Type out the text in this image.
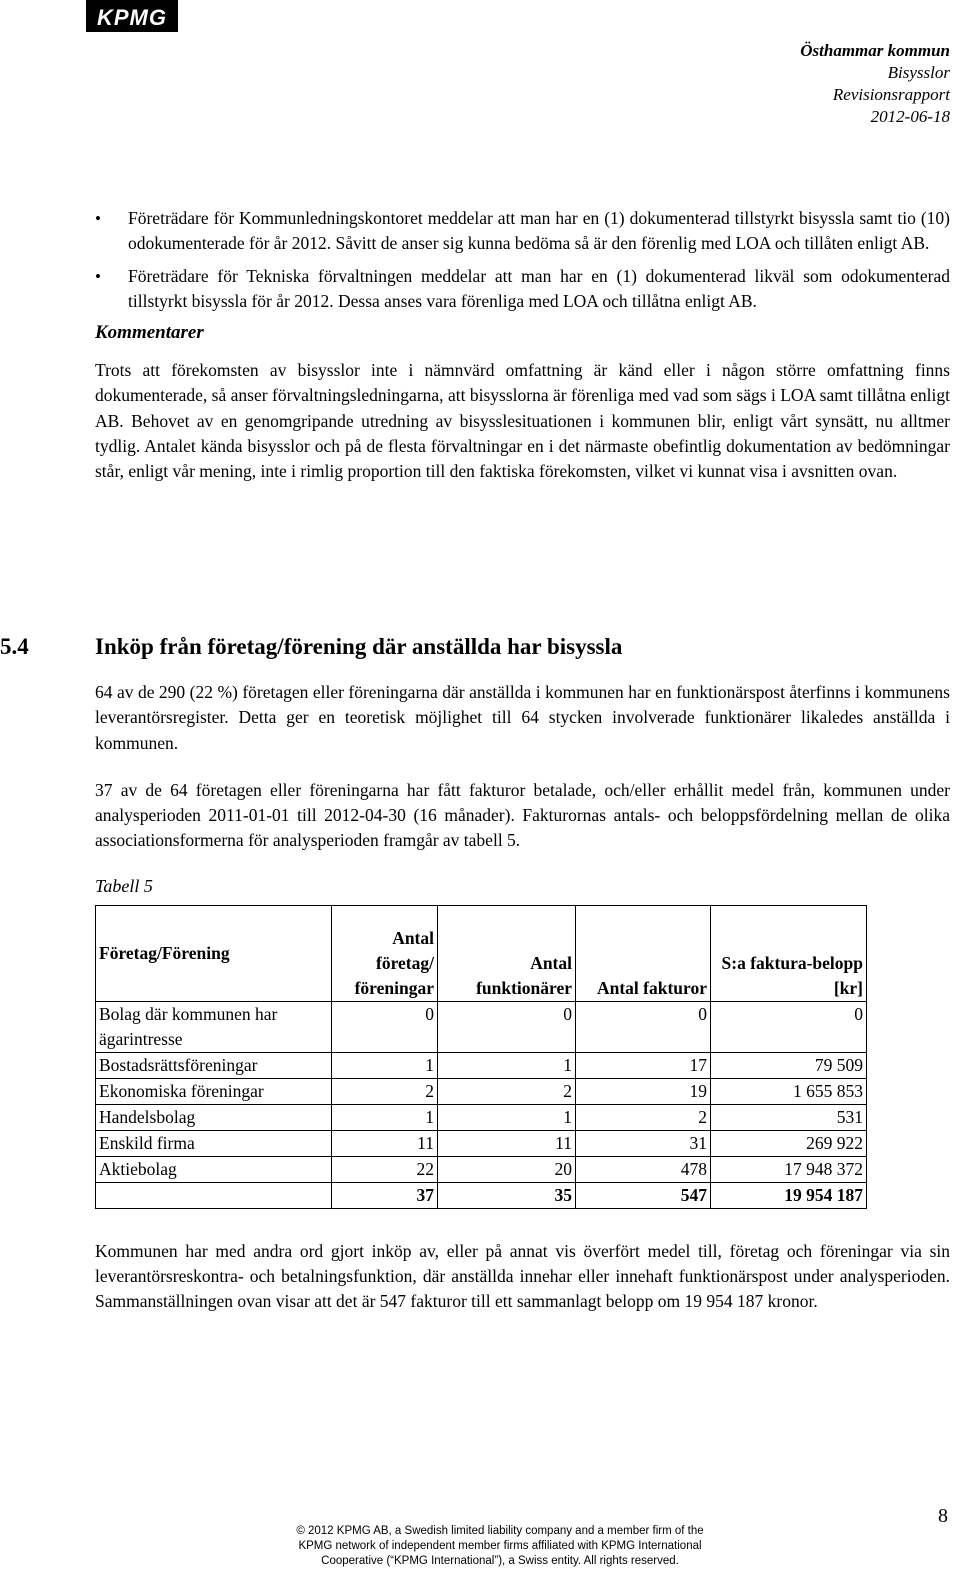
KPMG
Östhammar kommun
Bisysslor
Revisionsrapport
2012-06-18
• Företrädare för Kommunledningskontoret meddelar att man har en (1) dokumenterad tillstyrkt bisyssla samt tio (10) odokumenterade för år 2012. Såvitt de anser sig kunna bedöma så är den förenlig med LOA och tillåten enligt AB.
• Företrädare för Tekniska förvaltningen meddelar att man har en (1) dokumenterad likväl som odokumenterad tillstyrkt bisyssla för år 2012. Dessa anses vara förenliga med LOA och tillåtna enligt AB.
Kommentarer

Trots att förekomsten av bisysslor inte i nämnvärd omfattning är känd eller i någon större omfattning finns dokumenterade, så anser förvaltningsledningarna, att bisysslorna är förenliga med vad som sägs i LOA samt tillåtna enligt AB. Behovet av en genomgripande utredning av bisysslesituationen i kommunen blir, enligt vårt synsätt, nu alltmer tydlig. Antalet kända bisysslor och på de flesta förvaltningar en i det närmaste obefintlig dokumentation av bedömningar står, enligt vår mening, inte i rimlig proportion till den faktiska förekomsten, vilket vi kunnat visa i avsnitten ovan.

5.4	Inköp från företag/förening där anställda har bisyssla

64 av de 290 (22 %) företagen eller föreningarna där anställda i kommunen har en funktionärspost återfinns i kommunens leverantörsregister. Detta ger en teoretisk möjlighet till 64 stycken involverade funktionärer likaledes anställda i kommunen.

37 av de 64 företagen eller föreningarna har fått fakturor betalade, och/eller erhållit medel från, kommunen under analysperioden 2011-01-01 till 2012-04-30 (16 månader). Fakturornas antals- och beloppsfördelning mellan de olika associationsformerna för analysperioden framgår av tabell 5.

Tabell 5
Företag/Förening	Antal företag/ föreningar	Antal funktionärer	Antal fakturor	S:a faktura-belopp [kr]
Bolag där kommunen har ägarintresse	0	0	0	0
Bostadsrättsföreningar	1	1	17	79 509
Ekonomiska föreningar	2	2	19	1 655 853
Handelsbolag	1	1	2	531
Enskild firma	11	11	31	269 922
Aktiebolag	22	20	478	17 948 372
	37	35	547	19 954 187

Kommunen har med andra ord gjort inköp av, eller på annat vis överfört medel till, företag och föreningar via sin leverantörsreskontra- och betalningsfunktion, där anställda innehar eller innehaft funktionärspost under analysperioden. Sammanställningen ovan visar att det är 547 fakturor till ett sammanlagt belopp om 19 954 187 kronor.

8
© 2012 KPMG AB, a Swedish limited liability company and a member firm of the
KPMG network of independent member firms affiliated with KPMG International
Cooperative (“KPMG International”), a Swiss entity. All rights reserved.
